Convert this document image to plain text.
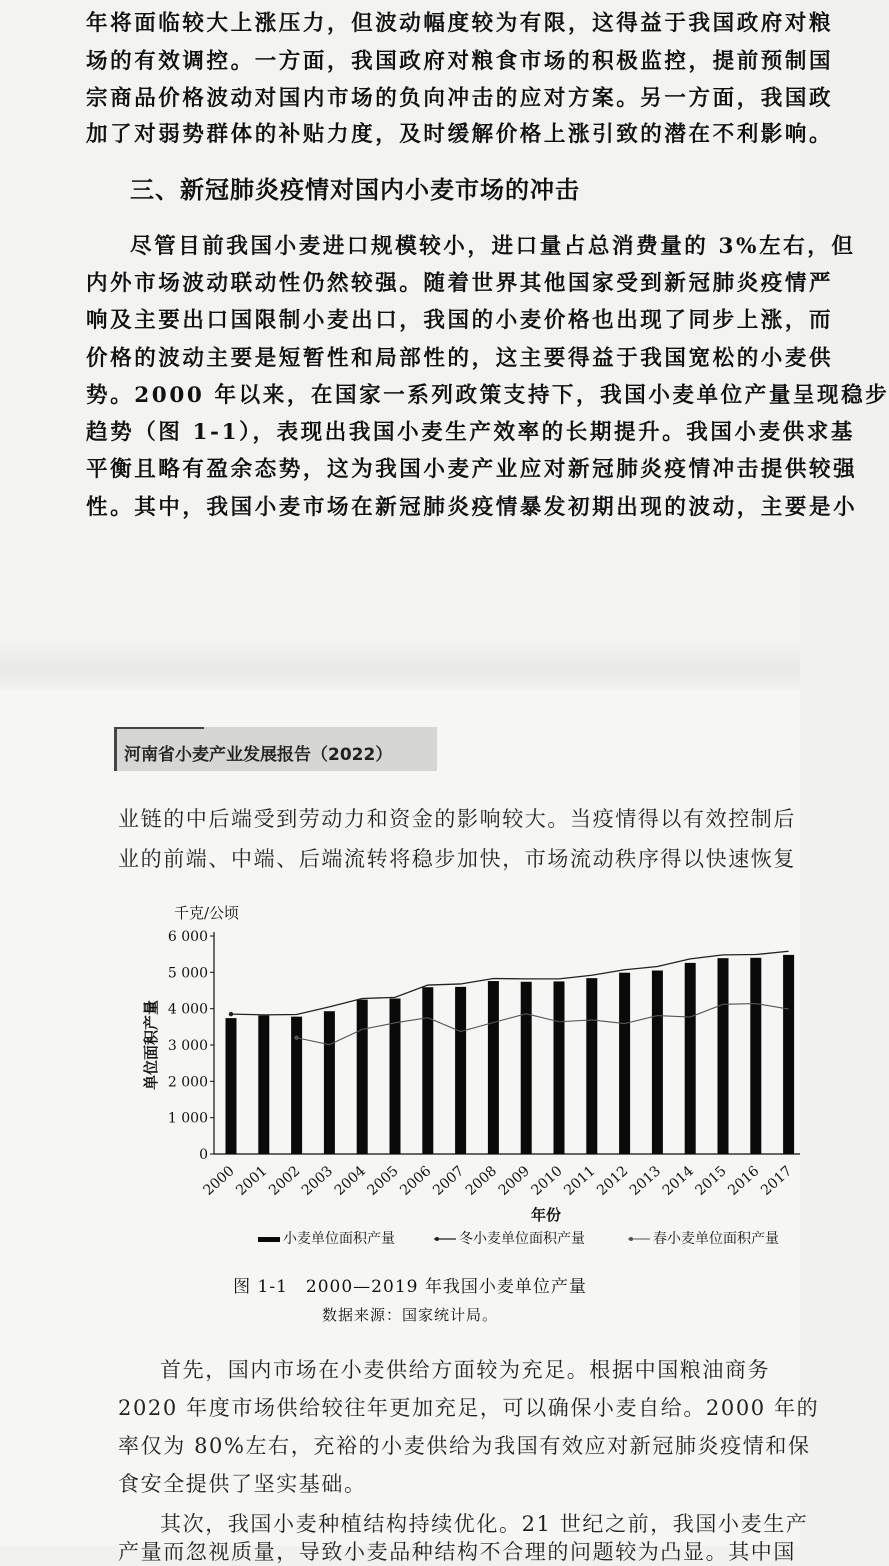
年将面临较大上涨压力，但波动幅度较为有限，这得益于我国政府对粮
场的有效调控。一方面，我国政府对粮食市场的积极监控，提前预制国
宗商品价格波动对国内市场的负向冲击的应对方案。另一方面，我国政
加了对弱势群体的补贴力度，及时缓解价格上涨引致的潜在不利影响。
三、新冠肺炎疫情对国内小麦市场的冲击
尽管目前我国小麦进口规模较小，进口量占总消费量的 3%左右，但
内外市场波动联动性仍然较强。随着世界其他国家受到新冠肺炎疫情严
响及主要出口国限制小麦出口，我国的小麦价格也出现了同步上涨，而
价格的波动主要是短暂性和局部性的，这主要得益于我国宽松的小麦供
势。2000 年以来，在国家一系列政策支持下，我国小麦单位产量呈现稳步
趋势（图 1-1），表现出我国小麦生产效率的长期提升。我国小麦供求基
平衡且略有盈余态势，这为我国小麦产业应对新冠肺炎疫情冲击提供较强
性。其中，我国小麦市场在新冠肺炎疫情暴发初期出现的波动，主要是小
河南省小麦产业发展报告（2022）
业链的中后端受到劳动力和资金的影响较大。当疫情得以有效控制后
业的前端、中端、后端流转将稳步加快，市场流动秩序得以快速恢复
首先，国内市场在小麦供给方面较为充足。根据中国粮油商务
2020 年度市场供给较往年更加充足，可以确保小麦自给。2000 年的
率仅为 80%左右，充裕的小麦供给为我国有效应对新冠肺炎疫情和保
食安全提供了坚实基础。
其次，我国小麦种植结构持续优化。21 世纪之前，我国小麦生产
产量而忽视质量，导致小麦品种结构不合理的问题较为凸显。其中国
千克/公顷
单位面积产量
0
1 000
2 000
3 000
4 000
5 000
6 000
2000
2001
2002
2003
2004
2005
2006
2007
2008
2009
2010
2011
2012
2013
2014
2015
2016
2017
年份
小麦单位面积产量	冬小麦单位面积产量	春小麦单位面积产量
图 1-1　2000—2019 年我国小麦单位产量
数据来源：国家统计局。
